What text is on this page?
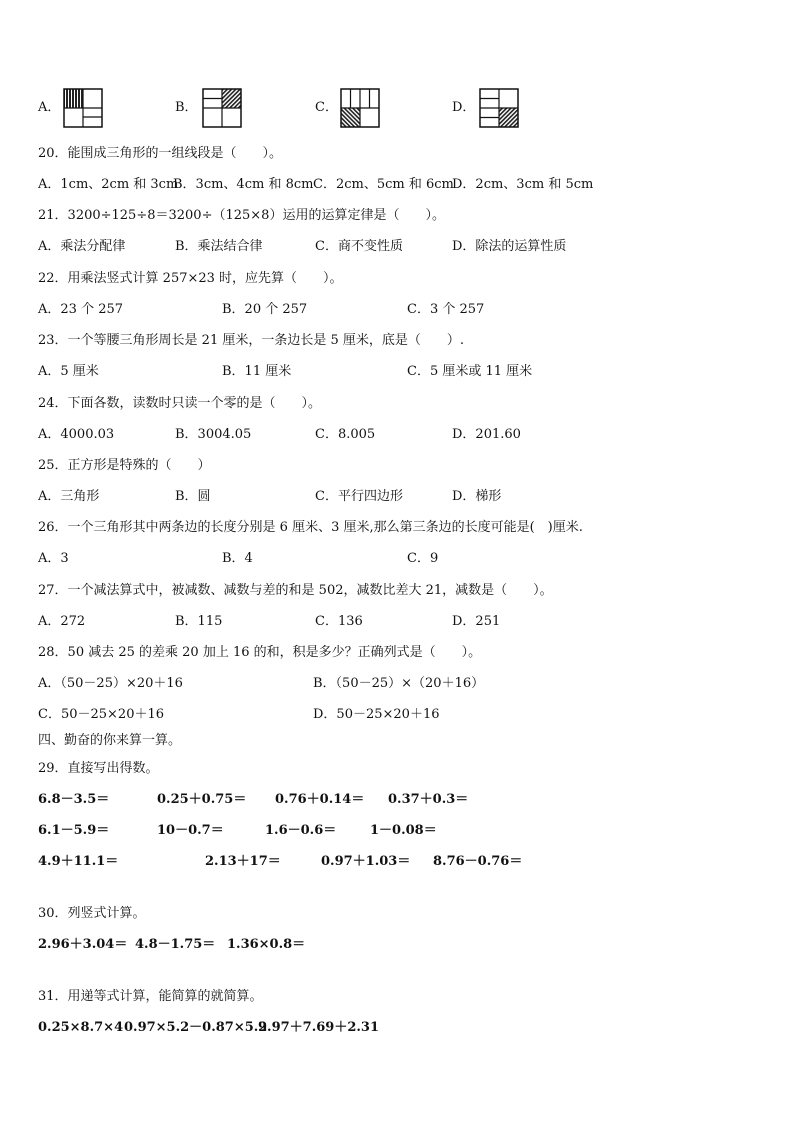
A．	B．	C．	D．
20．能围成三角形的一组线段是（　　）。
A．1cm、2cm 和 3cm
B．3cm、4cm 和 8cm C．2cm、5cm 和 6cm
D．2cm、3cm 和 5cm
21．3200÷125÷8＝3200÷（125×8）运用的运算定律是（　　）。
A．乘法分配律	B．乘法结合律	C．商不变性质	D．除法的运算性质
22．用乘法竖式计算 257×23 时，应先算（　　）。
A．23 个 257	B．20 个 257	C．3 个 257
23．一个等腰三角形周长是 21 厘米，一条边长是 5 厘米，底是（　　）.
A．5 厘米	B．11 厘米	C．5 厘米或 11 厘米
24．下面各数，读数时只读一个零的是（　　）。
A．4000.03	B．3004.05	C．8.005	D．201.60
25．正方形是特殊的（　　）
A．三角形	B．圆	C．平行四边形	D．梯形
26．一个三角形其中两条边的长度分别是 6 厘米、3 厘米,那么第三条边的长度可能是(　)厘米.
A．3	B．4	C．9
27．一个减法算式中，被减数、减数与差的和是 502，减数比差大 21，减数是（　　）。
A．272	B．115	C．136	D．251
28．50 减去 25 的差乘 20 加上 16 的和，积是多少？正确列式是（　　）。
A．（50－25）×20＋16	B．（50－25）×（20＋16）
C．50－25×20＋16	D．50－25×20＋16
四、勤奋的你来算一算。
29．直接写出得数。
6.8－3.5＝	0.25＋0.75＝ 0.76＋0.14＝ 0.37＋0.3＝
6.1－5.9＝	10－0.7＝	1.6－0.6＝	1－0.08＝
4.9＋11.1＝	2.13＋17＝	0.97＋1.03＝ 8.76－0.76＝
30．列竖式计算。
2.96＋3.04＝ 4.8－1.75＝ 1.36×0.8＝
31．用递等式计算，能简算的就简算。
0.25×8.7×4 0.97×5.2－0.87×5.2
9.97＋7.69＋2.31
